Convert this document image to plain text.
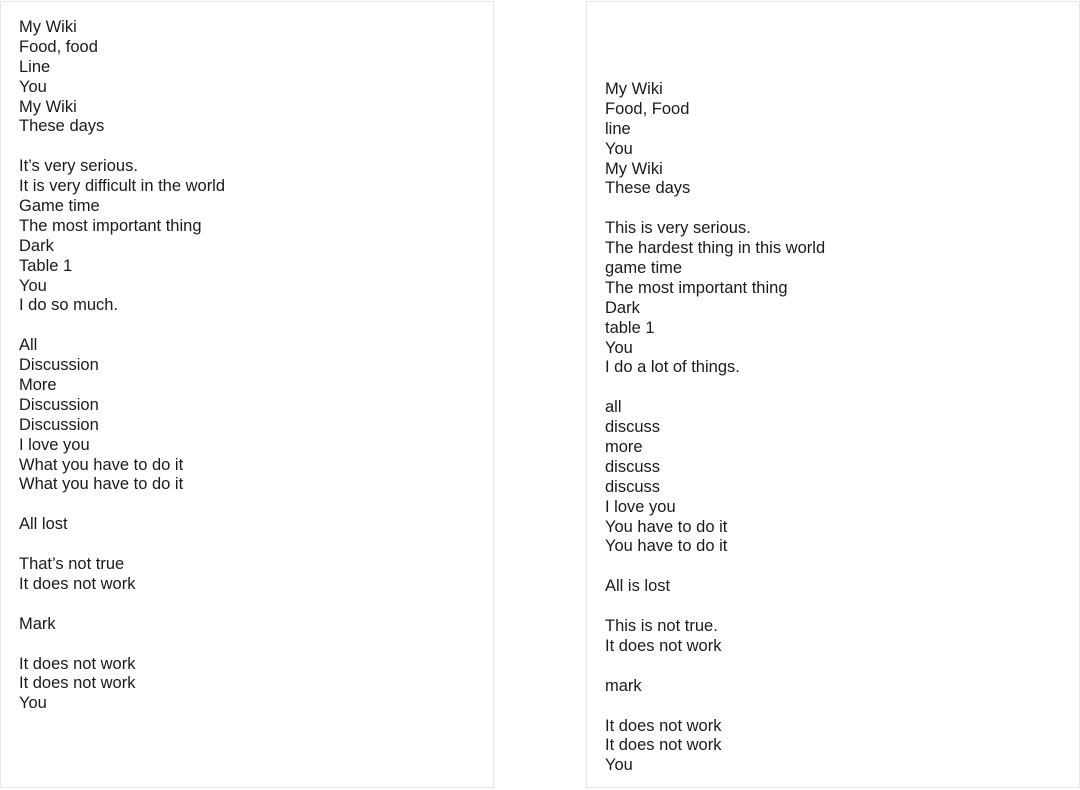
My Wiki
Food, food
Line
You
My Wiki
These days
It’s very serious.
It is very difficult in the world
Game time
The most important thing
Dark
Table 1
You
I do so much.
All
Discussion
More
Discussion
Discussion
I love you
What you have to do it
What you have to do it
All lost
That’s not true
It does not work
Mark
It does not work
It does not work
You
My Wiki
Food, Food
line
You
My Wiki
These days
This is very serious.
The hardest thing in this world
game time
The most important thing
Dark
table 1
You
I do a lot of things.
all
discuss
more
discuss
discuss
I love you
You have to do it
You have to do it
All is lost
This is not true.
It does not work
mark
It does not work
It does not work
You
